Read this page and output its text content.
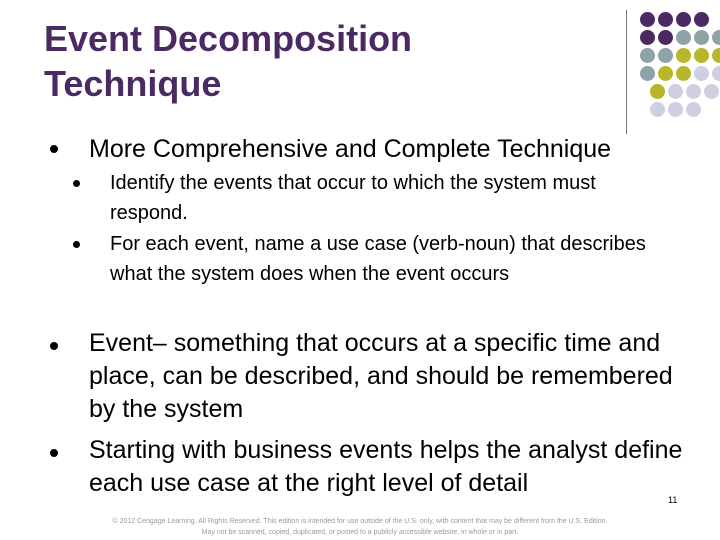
Event Decomposition
Technique
More Comprehensive and Complete Technique
Identify the events that occur to which the system must respond.
For each event, name a use case (verb-noun) that describes what the system does when the event occurs
Event– something that occurs at a specific time and place, can be described, and should be remembered by the system
Starting with business events helps the analyst define each use case at the right level of detail
11
© 2012 Cengage Learning. All Rights Reserved. This edition is intended for use outside of the U.S. only, with content that may be different from the U.S. Edition.
May not be scanned, copied, duplicated, or posted to a publicly accessible website, in whole or in part.
